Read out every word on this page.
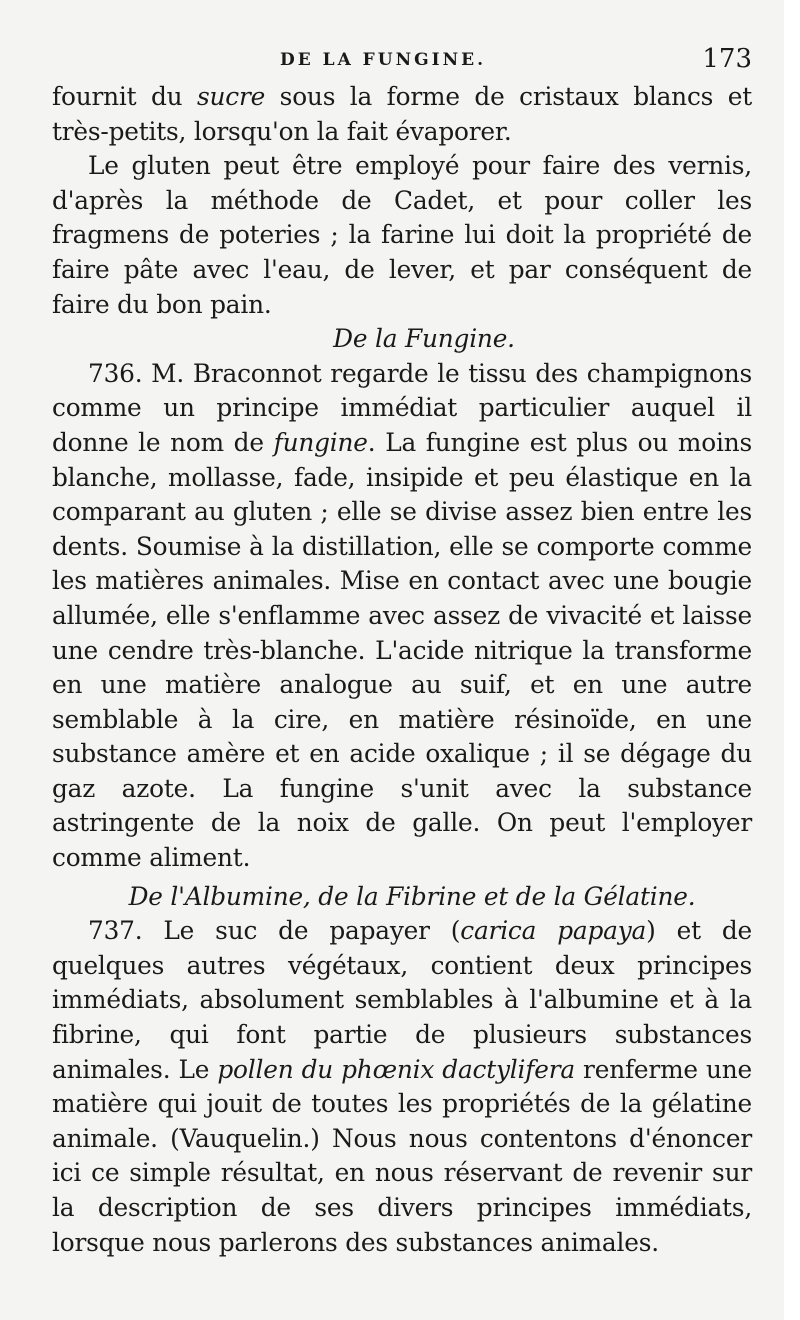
DE LA FUNGINE.	173

fournit du sucre sous la forme de cristaux blancs et très-petits, lorsqu'on la fait évaporer.

Le gluten peut être employé pour faire des vernis, d'après la méthode de Cadet, et pour coller les fragmens de poteries ; la farine lui doit la propriété de faire pâte avec l'eau, de lever, et par conséquent de faire du bon pain.

De la Fungine.

736. M. Braconnot regarde le tissu des champignons comme un principe immédiat particulier auquel il donne le nom de fungine. La fungine est plus ou moins blanche, mollasse, fade, insipide et peu élastique en la comparant au gluten ; elle se divise assez bien entre les dents. Soumise à la distillation, elle se comporte comme les matières animales. Mise en contact avec une bougie allumée, elle s'enflamme avec assez de vivacité et laisse une cendre très-blanche. L'acide nitrique la transforme en une matière analogue au suif, et en une autre semblable à la cire, en matière résinoïde, en une substance amère et en acide oxalique ; il se dégage du gaz azote. La fungine s'unit avec la substance astringente de la noix de galle. On peut l'employer comme aliment.

De l'Albumine, de la Fibrine et de la Gélatine.

737. Le suc de papayer (carica papaya) et de quelques autres végétaux, contient deux principes immédiats, absolument semblables à l'albumine et à la fibrine, qui font partie de plusieurs substances animales. Le pollen du phœnix dactylifera renferme une matière qui jouit de toutes les propriétés de la gélatine animale. (Vauquelin.) Nous nous contentons d'énoncer ici ce simple résultat, en nous réservant de revenir sur la description de ses divers principes immédiats, lorsque nous parlerons des substances animales.
